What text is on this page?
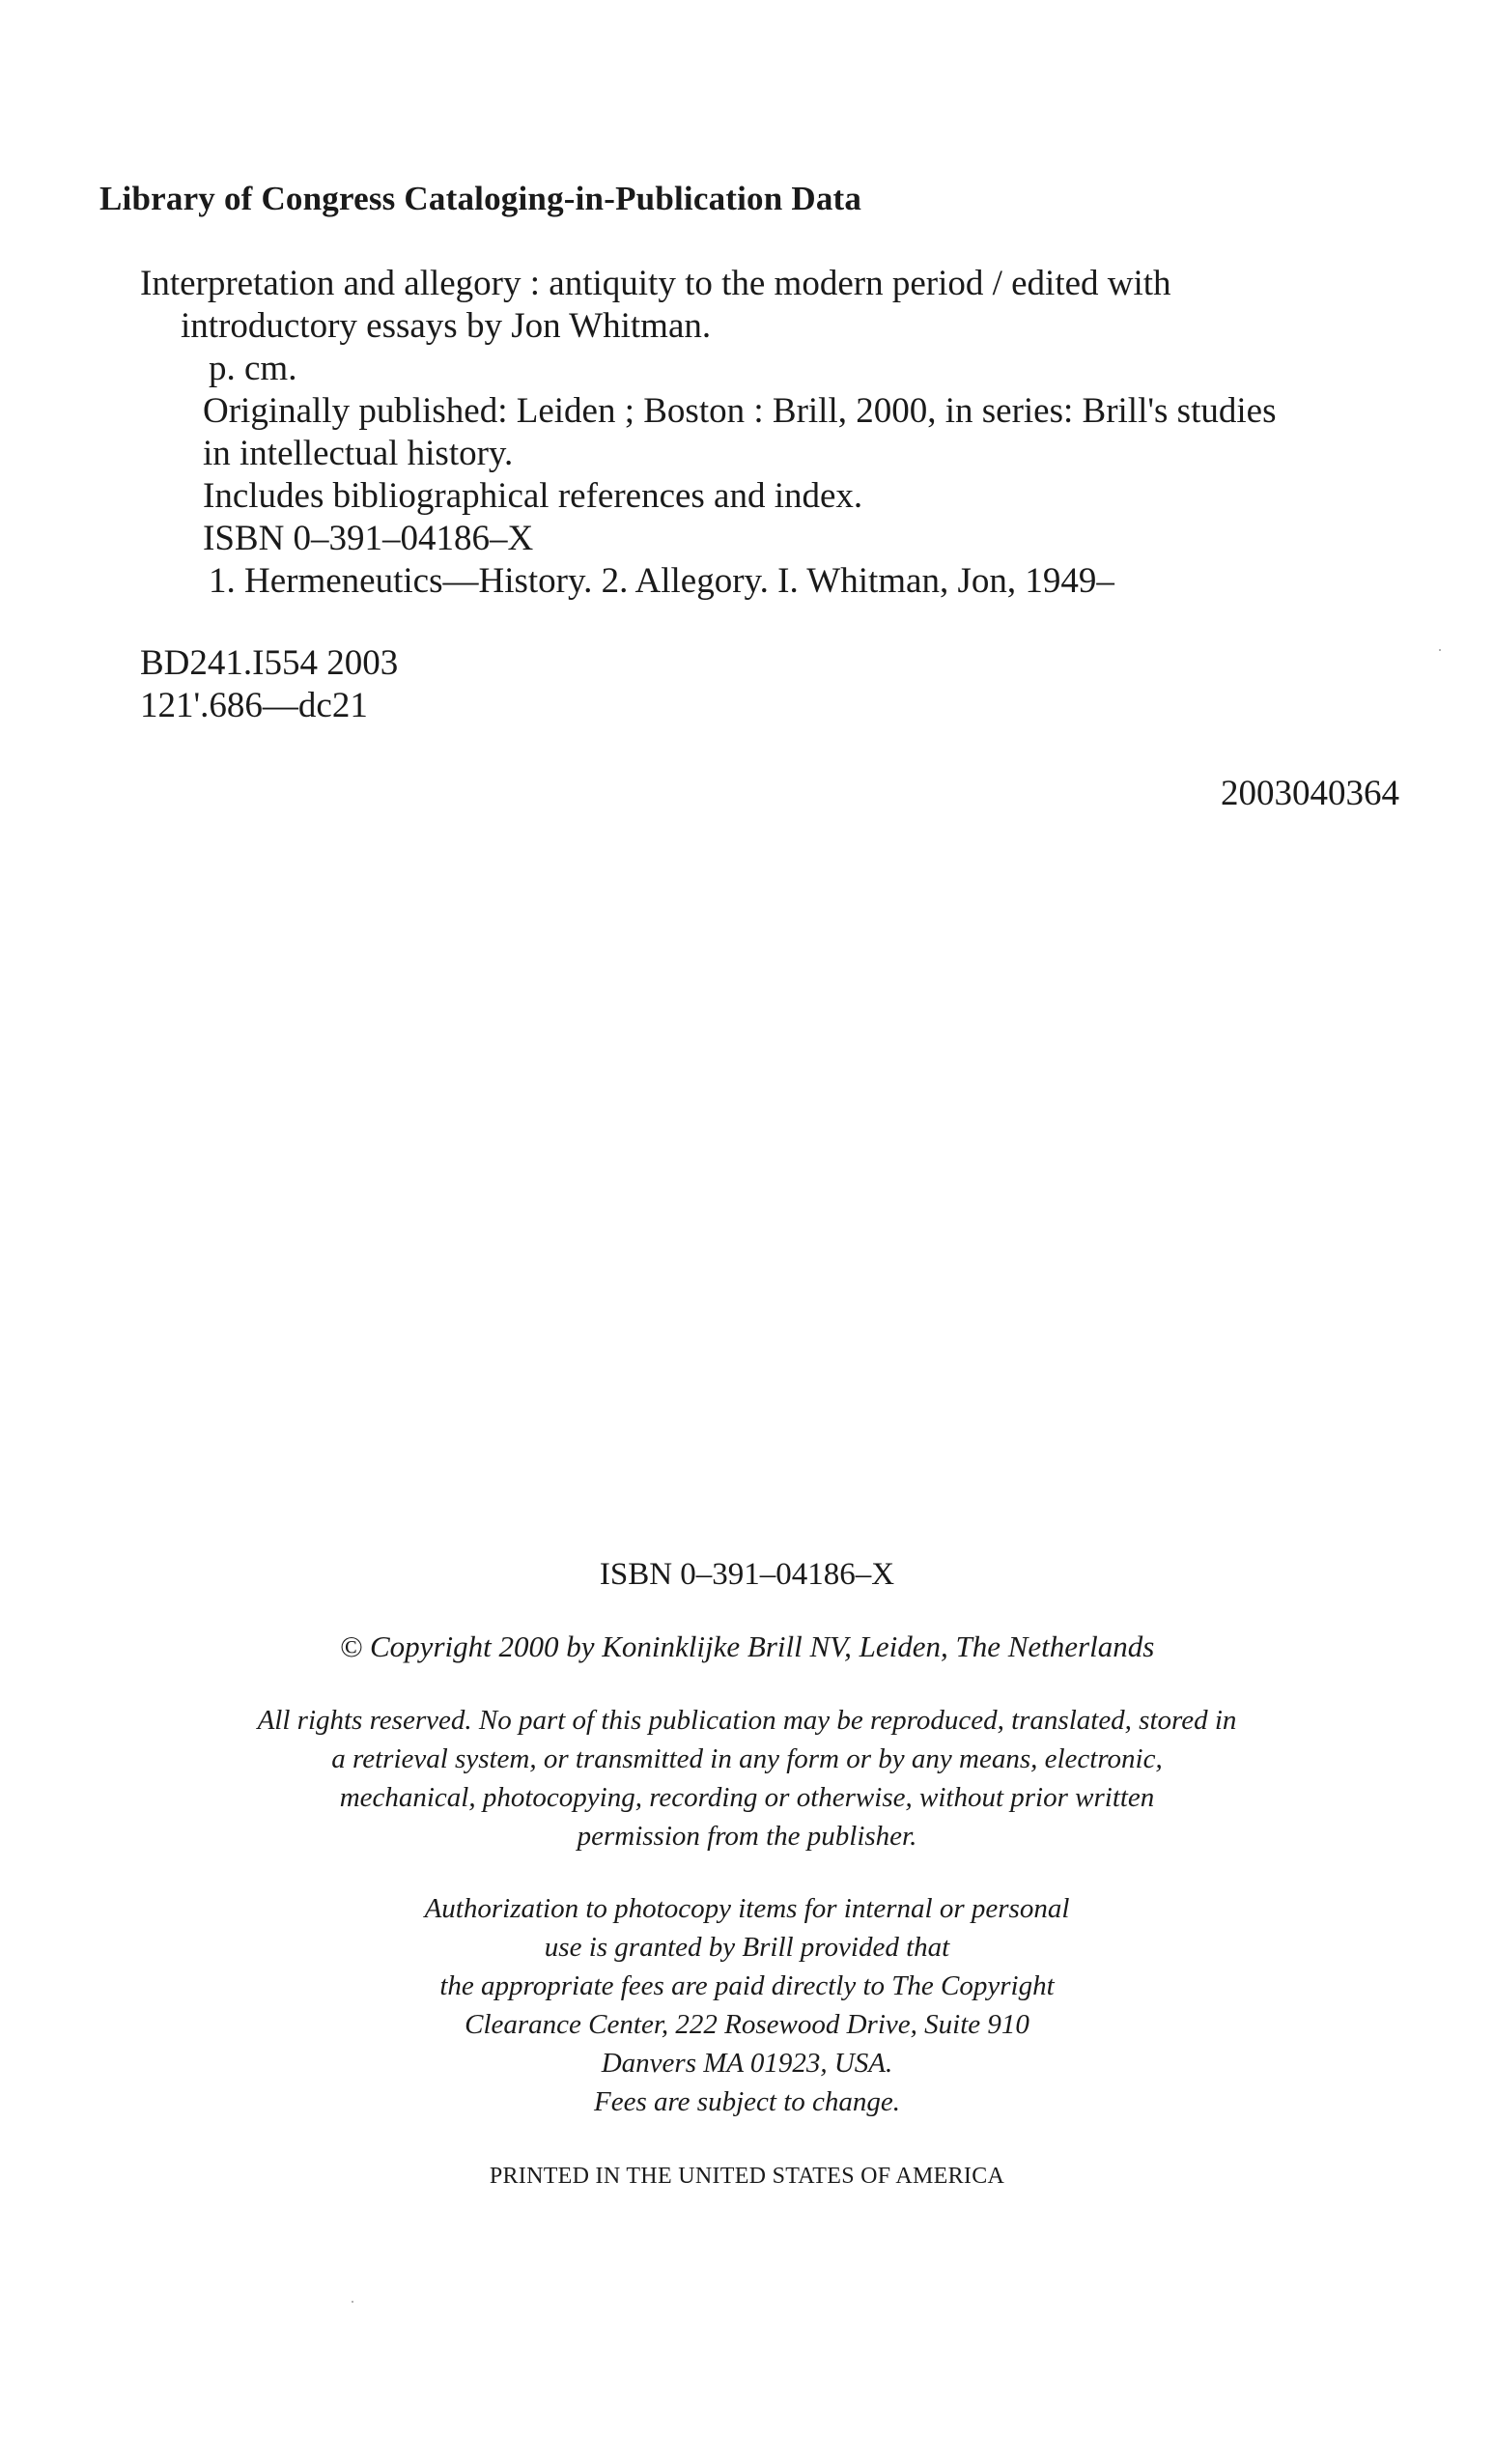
Library of Congress Cataloging-in-Publication Data
Interpretation and allegory : antiquity to the modern period / edited with
introductory essays by Jon Whitman.
p. cm.
Originally published: Leiden ; Boston : Brill, 2000, in series: Brill's studies
in intellectual history.
Includes bibliographical references and index.
ISBN 0–391–04186–X
1. Hermeneutics—History. 2. Allegory. I. Whitman, Jon, 1949–
BD241.I554 2003
121'.686—dc21
2003040364
ISBN 0–391–04186–X
© Copyright 2000 by Koninklijke Brill NV, Leiden, The Netherlands
All rights reserved. No part of this publication may be reproduced, translated, stored in
a retrieval system, or transmitted in any form or by any means, electronic,
mechanical, photocopying, recording or otherwise, without prior written
permission from the publisher.
Authorization to photocopy items for internal or personal
use is granted by Brill provided that
the appropriate fees are paid directly to The Copyright
Clearance Center, 222 Rosewood Drive, Suite 910
Danvers MA 01923, USA.
Fees are subject to change.
PRINTED IN THE UNITED STATES OF AMERICA
